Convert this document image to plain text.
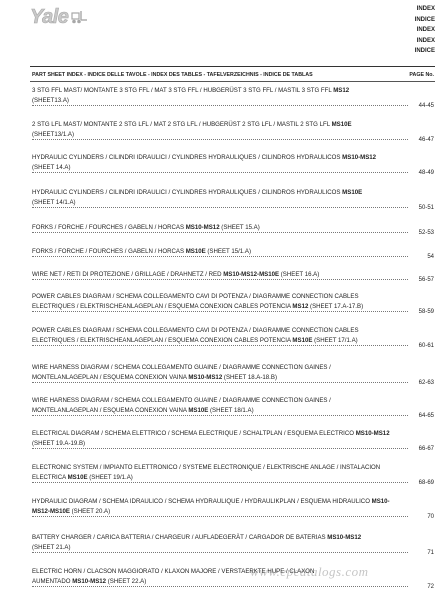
Yale	INDEX
INDICE
INDEX
INDEX
INDICE
PART SHEET INDEX - INDICE DELLE TAVOLE - INDEX DES TABLES - TAFELVERZEICHNIS - INDICE DE TABLAS	PAGE No.
3 STG FFL MAST/ MONTANTE 3 STG FFL / MAT 3 STG FFL / HUBGERÜST 3 STG FFL / MASTIL 3 STG FFL MS12
(SHEET13.A)
44-45
2 STG LFL MAST/ MONTANTE 2 STG LFL / MAT 2 STG LFL / HUBGERÜST 2 STG LFL / MASTIL 2 STG LFL MS10E
(SHEET13/1.A)
46-47
HYDRAULIC CYLINDERS / CILINDRI IDRAULICI / CYLINDRES HYDRAULIQUES / CILINDROS HYDRAULICOS MS10-MS12
(SHEET 14.A)
48-49
HYDRAULIC CYLINDERS / CILINDRI IDRAULICI / CYLINDRES HYDRAULIQUES / CILINDROS HYDRAULICOS MS10E
(SHEET 14/1.A)
50-51
FORKS / FORCHE / FOURCHES / GABELN / HORCAS MS10-MS12 (SHEET 15.A)
52-53
FORKS / FORCHE / FOURCHES / GABELN / HORCAS MS10E (SHEET 15/1.A)
54
WIRE NET / RETI DI PROTEZIONE / GRILLAGE / DRAHNETZ / RED MS10-MS12-MS10E (SHEET 16.A)
56-57
POWER CABLES DIAGRAM / SCHEMA COLLEGAMENTO CAVI DI POTENZA / DIAGRAMME CONNECTION CABLES
ELECTRIQUES / ELEKTRISCHEANLAGEPLAN / ESQUEMA CONEXION CABLES POTENCIA MS12 (SHEET 17.A-17.B)
58-59
POWER CABLES DIAGRAM / SCHEMA COLLEGAMENTO CAVI DI POTENZA / DIAGRAMME CONNECTION CABLES
ELECTRIQUES / ELEKTRISCHEANLAGEPLAN / ESQUEMA CONEXION CABLES POTENCIA MS10E (SHEET 17/1.A)
60-61
WIRE HARNESS DIAGRAM / SCHEMA COLLEGAMENTO GUAINE / DIAGRAMME CONNECTION GAINES /
MONTELANLAGEPLAN / ESQUEMA CONEXION VAINA MS10-MS12 (SHEET 18.A-18.B)
62-63
WIRE HARNESS DIAGRAM / SCHEMA COLLEGAMENTO GUAINE / DIAGRAMME CONNECTION GAINES /
MONTELANLAGEPLAN / ESQUEMA CONEXION VAINA MS10E (SHEET 18/1.A)
64-65
ELECTRICAL DIAGRAM / SCHEMA ELETTRICO / SCHEMA ELECTRIQUE / SCHALTPLAN / ESQUEMA ELECTRICO MS10-MS12
(SHEET 19.A-19.B)
66-67
ELECTRONIC SYSTEM / IMPIANTO ELETTRONICO / SYSTEME ELECTRONIQUE / ELEKTRISCHE ANLAGE / INSTALACION
ELECTRICA MS10E (SHEET 19/1.A)
68-69
HYDRAULIC DIAGRAM / SCHEMA IDRAULICO / SCHEMA HYDRAULIQUE / HYDRAULIKPLAN / ESQUEMA HIDRAULICO MS10-
MS12-MS10E (SHEET 20.A)
70
BATTERY CHARGER / CARICA BATTERIA / CHARGEUR / AUFLADEGERÄT / CARGADOR DE BATERIAS MS10-MS12
(SHEET 21.A)
71
ELECTRIC HORN / CLACSON MAGGIORATO / KLAXON MAJORE / VERSTAERKTE HUPE / CLAXON
AUMENTADO MS10-MS12 (SHEET 22.A)
72
www.epcatalogs.com
